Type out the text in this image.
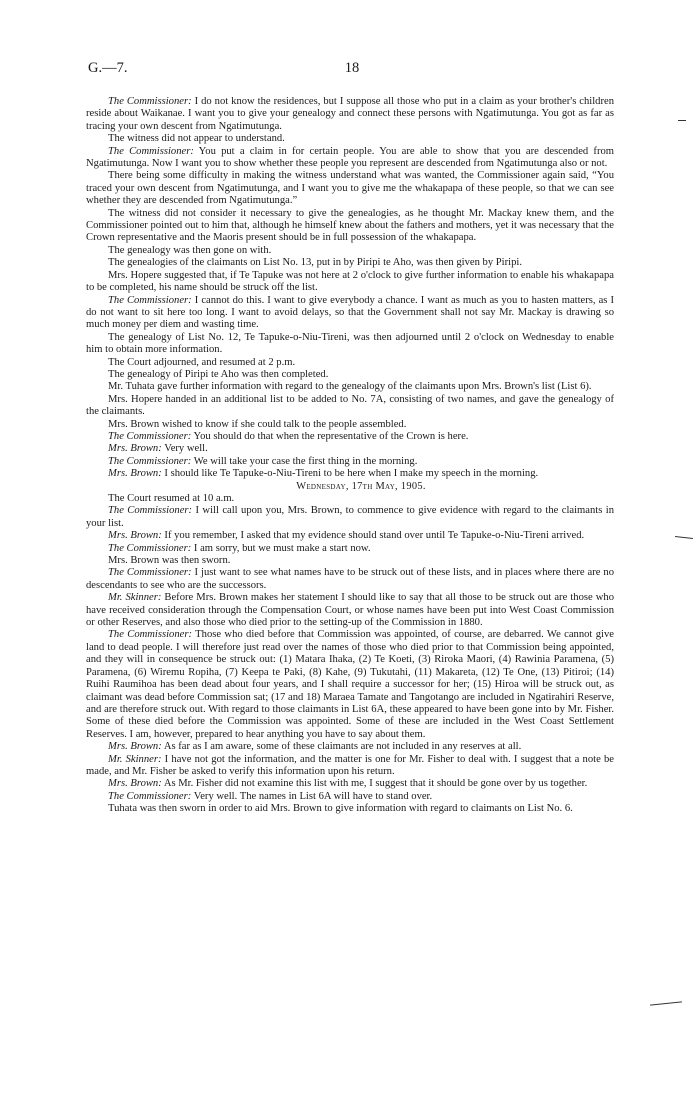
G.—7.	18

The Commissioner: I do not know the residences, but I suppose all those who put in a claim as your brother's children reside about Waikanae. I want you to give your genealogy and connect these persons with Ngatimutunga. You got as far as tracing your own descent from Ngatimutunga.

The witness did not appear to understand.

The Commissioner: You put a claim in for certain people. You are able to show that you are descended from Ngatimutunga. Now I want you to show whether these people you represent are descended from Ngatimutunga also or not.

There being some difficulty in making the witness understand what was wanted, the Commissioner again said, “You traced your own descent from Ngatimutunga, and I want you to give me the whakapapa of these people, so that we can see whether they are descended from Ngatimutunga.”

The witness did not consider it necessary to give the genealogies, as he thought Mr. Mackay knew them, and the Commissioner pointed out to him that, although he himself knew about the fathers and mothers, yet it was necessary that the Crown representative and the Maoris present should be in full possession of the whakapapa.

The genealogy was then gone on with.

The genealogies of the claimants on List No. 13, put in by Piripi te Aho, was then given by Piripi.

Mrs. Hopere suggested that, if Te Tapuke was not here at 2 o'clock to give further information to enable his whakapapa to be completed, his name should be struck off the list.

The Commissioner: I cannot do this. I want to give everybody a chance. I want as much as you to hasten matters, as I do not want to sit here too long. I want to avoid delays, so that the Government shall not say Mr. Mackay is drawing so much money per diem and wasting time.

The genealogy of List No. 12, Te Tapuke-o-Niu-Tireni, was then adjourned until 2 o'clock on Wednesday to enable him to obtain more information.

The Court adjourned, and resumed at 2 p.m.

The genealogy of Piripi te Aho was then completed.

Mr. Tuhata gave further information with regard to the genealogy of the claimants upon Mrs. Brown's list (List 6).

Mrs. Hopere handed in an additional list to be added to No. 7A, consisting of two names, and gave the genealogy of the claimants.

Mrs. Brown wished to know if she could talk to the people assembled.

The Commissioner: You should do that when the representative of the Crown is here.

Mrs. Brown: Very well.

The Commissioner: We will take your case the first thing in the morning.

Mrs. Brown: I should like Te Tapuke-o-Niu-Tireni to be here when I make my speech in the morning.

Wednesday, 17th May, 1905.

The Court resumed at 10 a.m.

The Commissioner: I will call upon you, Mrs. Brown, to commence to give evidence with regard to the claimants in your list.

Mrs. Brown: If you remember, I asked that my evidence should stand over until Te Tapuke-o-Niu-Tireni arrived.

The Commissioner: I am sorry, but we must make a start now.

Mrs. Brown was then sworn.

The Commissioner: I just want to see what names have to be struck out of these lists, and in places where there are no descendants to see who are the successors.

Mr. Skinner: Before Mrs. Brown makes her statement I should like to say that all those to be struck out are those who have received consideration through the Compensation Court, or whose names have been put into West Coast Commission or other Reserves, and also those who died prior to the setting-up of the Commission in 1880.

The Commissioner: Those who died before that Commission was appointed, of course, are debarred. We cannot give land to dead people. I will therefore just read over the names of those who died prior to that Commission being appointed, and they will in consequence be struck out: (1) Matara Ihaka, (2) Te Koeti, (3) Riroka Maori, (4) Rawinia Paramena, (5) Paramena, (6) Wiremu Ropiha, (7) Keepa te Paki, (8) Kahe, (9) Tukutahi, (11) Makareta, (12) Te One, (13) Pitiroi; (14) Ruihi Raumihoa has been dead about four years, and I shall require a successor for her; (15) Hiroa will be struck out, as claimant was dead before Commission sat; (17 and 18) Maraea Tamate and Tangotango are included in Ngatirahiri Reserve, and are therefore struck out. With regard to those claimants in List 6A, these appeared to have been gone into by Mr. Fisher. Some of these died before the Commission was appointed. Some of these are included in the West Coast Settlement Reserves. I am, however, prepared to hear anything you have to say about them.

Mrs. Brown: As far as I am aware, some of these claimants are not included in any reserves at all.

Mr. Skinner: I have not got the information, and the matter is one for Mr. Fisher to deal with. I suggest that a note be made, and Mr. Fisher be asked to verify this information upon his return.

Mrs. Brown: As Mr. Fisher did not examine this list with me, I suggest that it should be gone over by us together.

The Commissioner: Very well. The names in List 6A will have to stand over.

Tuhata was then sworn in order to aid Mrs. Brown to give information with regard to claimants on List No. 6.
